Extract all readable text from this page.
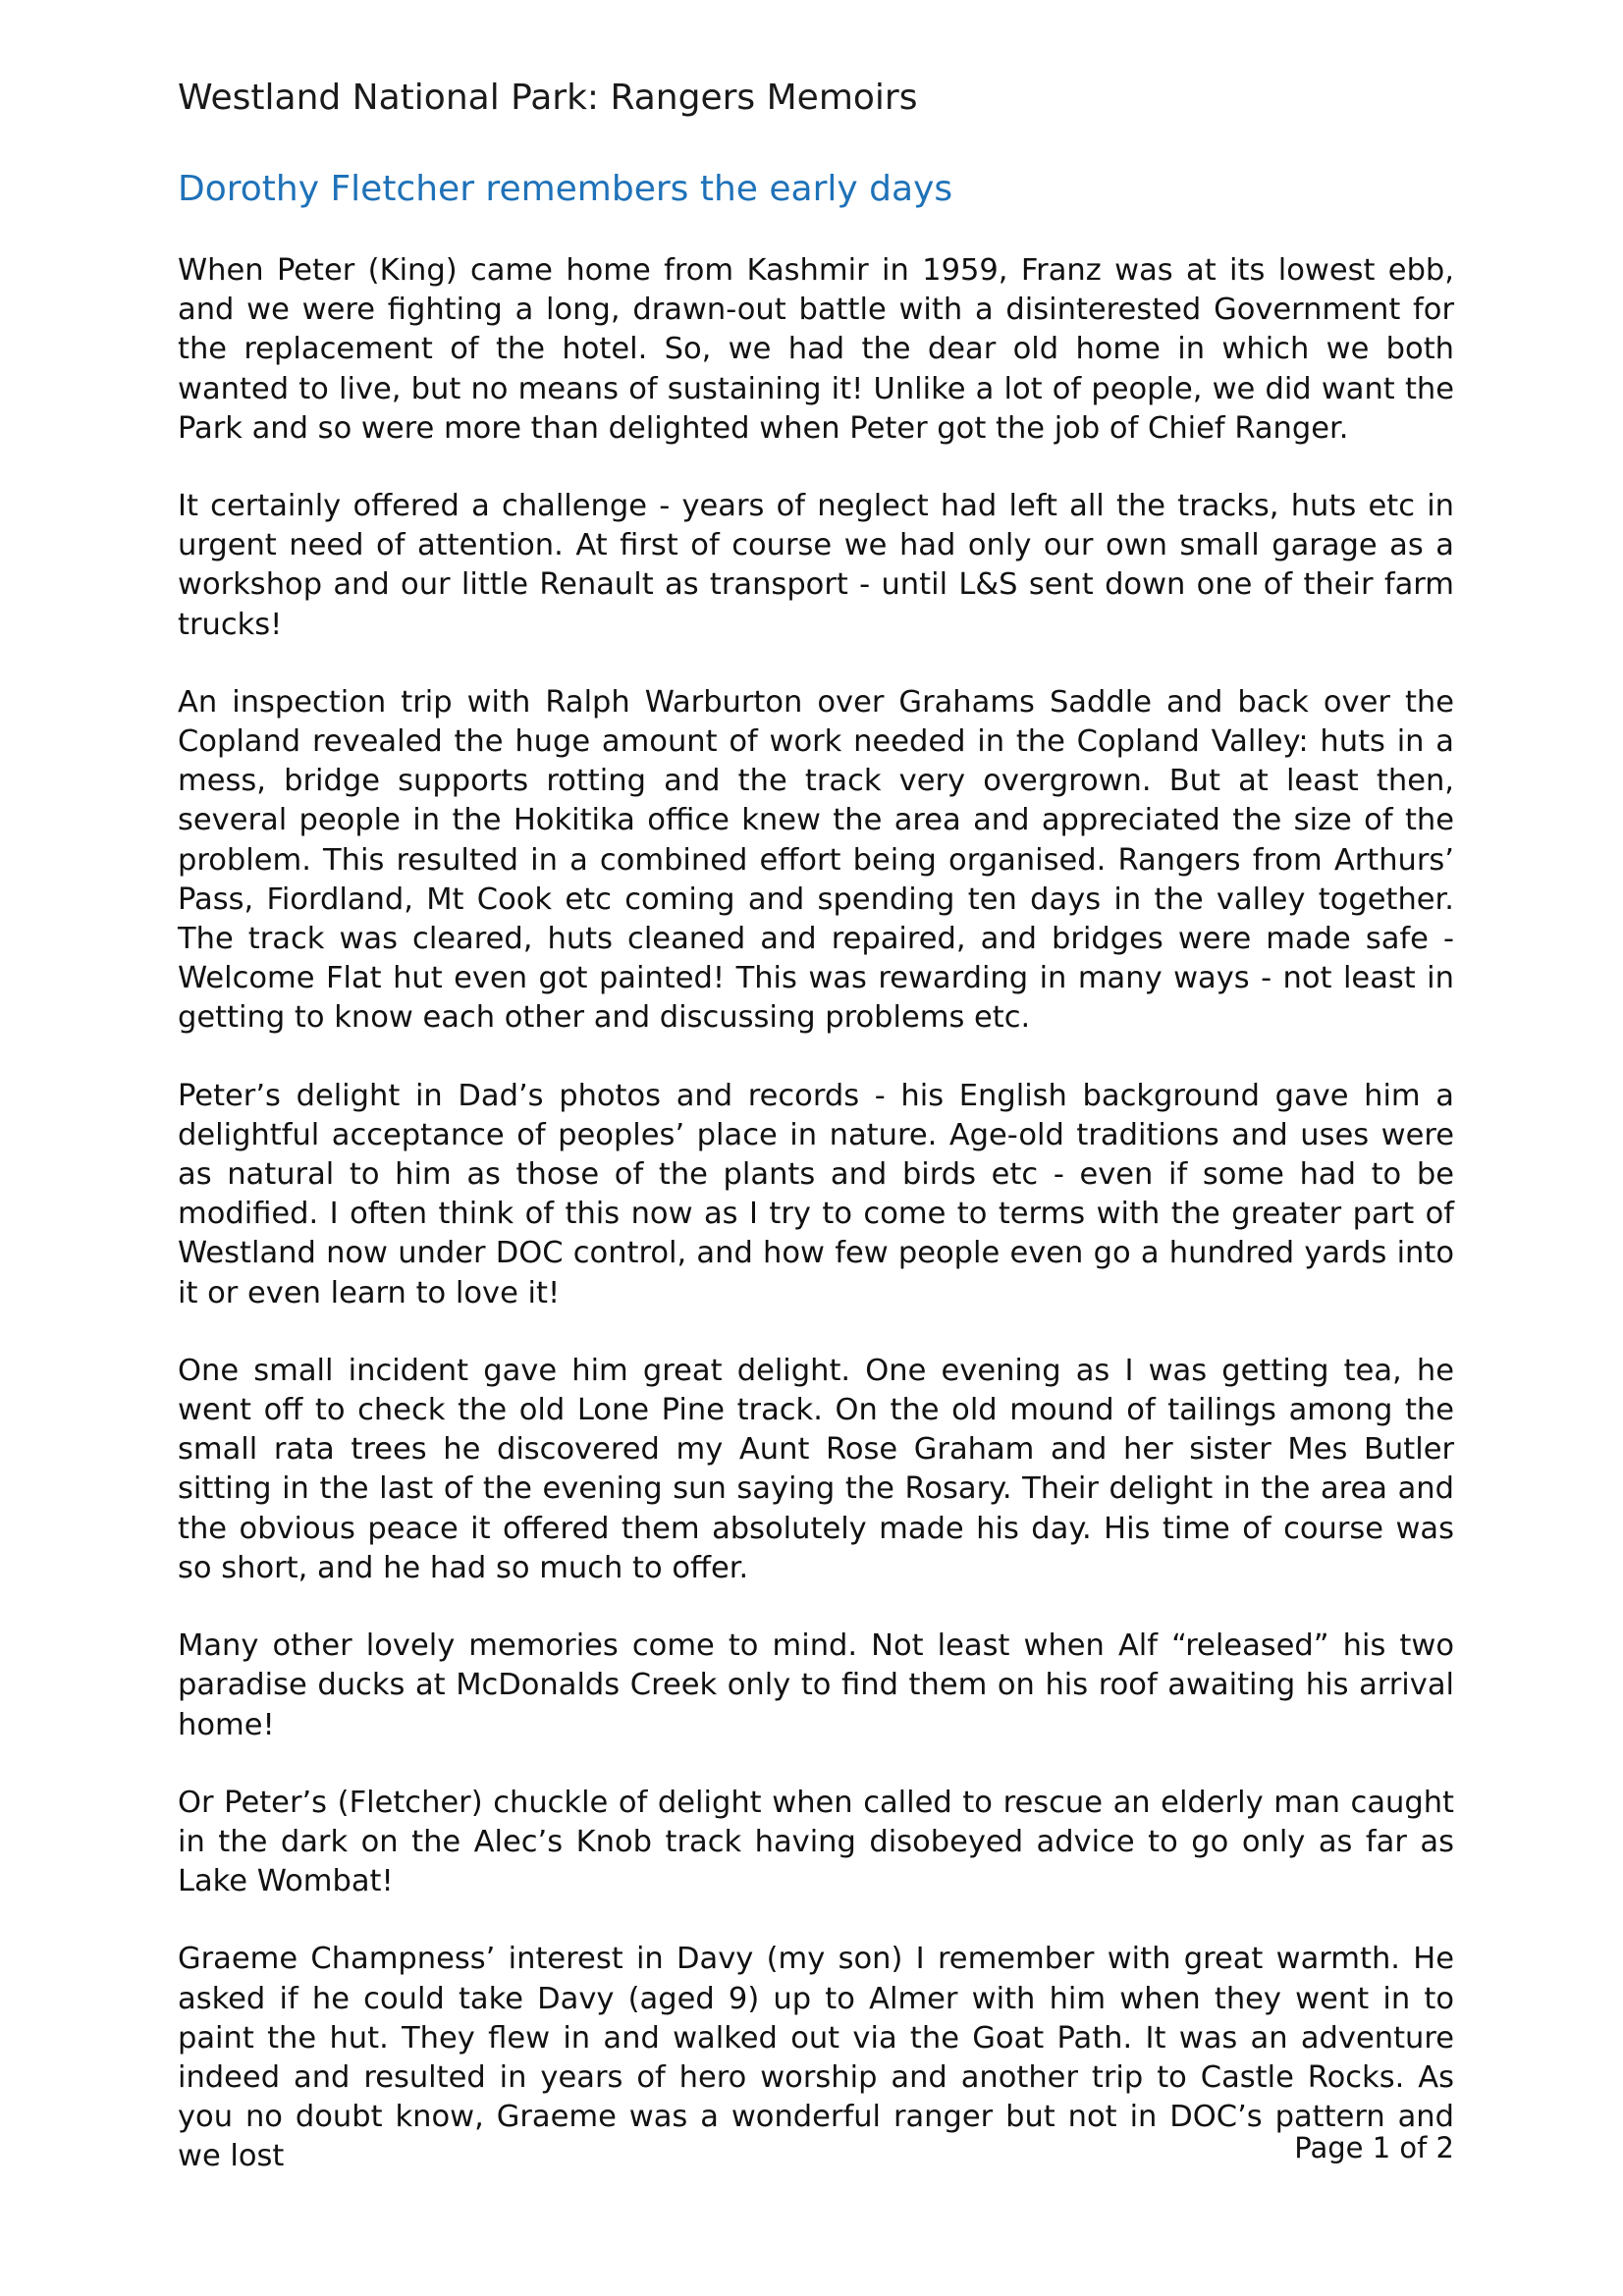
Westland National Park: Rangers Memoirs
Dorothy Fletcher remembers the early days

When Peter (King) came home from Kashmir in 1959, Franz was at its lowest ebb, and we were fighting a long, drawn-out battle with a disinterested Government for the replacement of the hotel. So, we had the dear old home in which we both wanted to live, but no means of sustaining it! Unlike a lot of people, we did want the Park and so were more than delighted when Peter got the job of Chief Ranger.

It certainly offered a challenge - years of neglect had left all the tracks, huts etc in urgent need of attention. At first of course we had only our own small garage as a workshop and our little Renault as transport - until L&S sent down one of their farm trucks!

An inspection trip with Ralph Warburton over Grahams Saddle and back over the Copland revealed the huge amount of work needed in the Copland Valley: huts in a mess, bridge supports rotting and the track very overgrown. But at least then, several people in the Hokitika office knew the area and appreciated the size of the problem. This resulted in a combined effort being organised. Rangers from Arthurs’ Pass, Fiordland, Mt Cook etc coming and spending ten days in the valley together. The track was cleared, huts cleaned and repaired, and bridges were made safe - Welcome Flat hut even got painted! This was rewarding in many ways - not least in getting to know each other and discussing problems etc.

Peter’s delight in Dad’s photos and records - his English background gave him a delightful acceptance of peoples’ place in nature. Age-old traditions and uses were as natural to him as those of the plants and birds etc - even if some had to be modified. I often think of this now as I try to come to terms with the greater part of Westland now under DOC control, and how few people even go a hundred yards into it or even learn to love it!

One small incident gave him great delight. One evening as I was getting tea, he went off to check the old Lone Pine track. On the old mound of tailings among the small rata trees he discovered my Aunt Rose Graham and her sister Mes Butler sitting in the last of the evening sun saying the Rosary. Their delight in the area and the obvious peace it offered them absolutely made his day. His time of course was so short, and he had so much to offer.

Many other lovely memories come to mind. Not least when Alf “released” his two paradise ducks at McDonalds Creek only to find them on his roof awaiting his arrival home!

Or Peter’s (Fletcher) chuckle of delight when called to rescue an elderly man caught in the dark on the Alec’s Knob track having disobeyed advice to go only as far as Lake Wombat!

Graeme Champness’ interest in Davy (my son) I remember with great warmth. He asked if he could take Davy (aged 9) up to Almer with him when they went in to paint the hut. They flew in and walked out via the Goat Path. It was an adventure indeed and resulted in years of hero worship and another trip to Castle Rocks. As you no doubt know, Graeme was a wonderful ranger but not in DOC’s pattern and we lost	Page 1 of 2
